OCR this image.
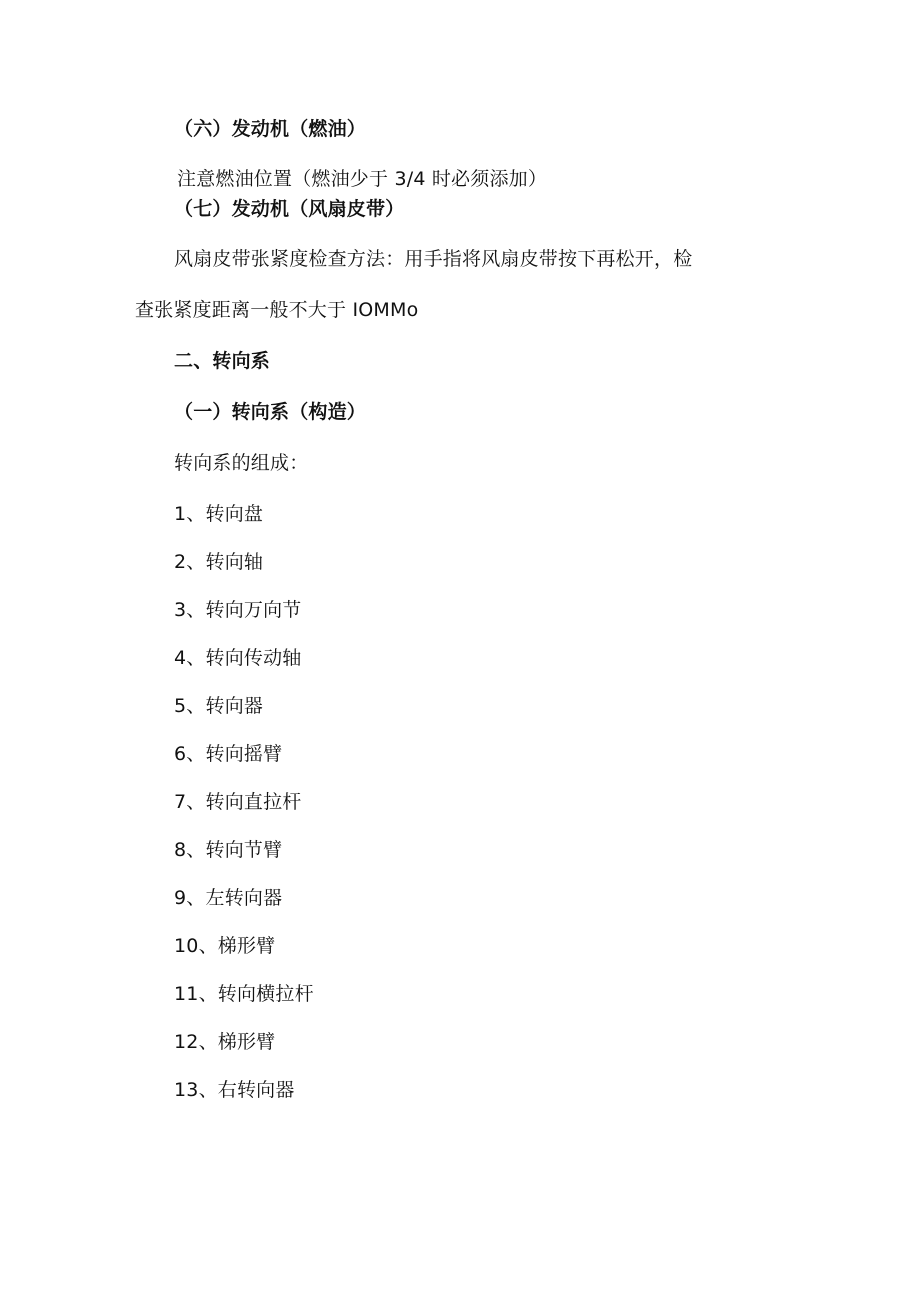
（六）发动机（燃油）
注意燃油位置（燃油少于 3/4 时必须添加）
（七）发动机（风扇皮带）
风扇皮带张紧度检查方法：用手指将风扇皮带按下再松开，检
查张紧度距离一般不大于 IOMMo
二、转向系
（一）转向系（构造）
转向系的组成：
1、转向盘
2、转向轴
3、转向万向节
4、转向传动轴
5、转向器
6、转向摇臂
7、转向直拉杆
8、转向节臂
9、左转向器
10、梯形臂
11、转向横拉杆
12、梯形臂
13、右转向器
